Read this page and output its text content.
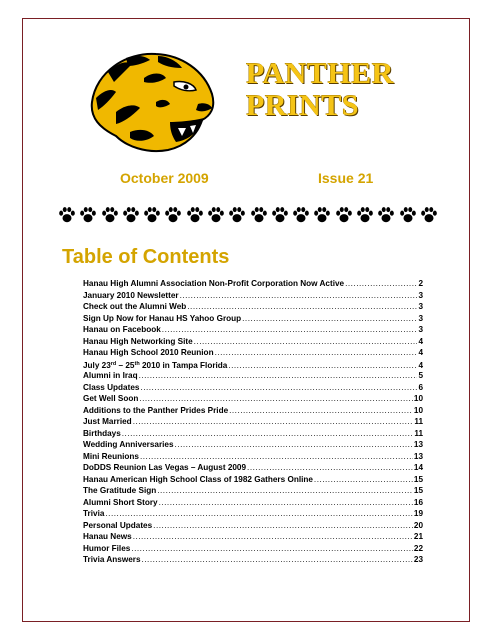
PANTHER
PRINTS
October 2009	Issue 21
Table of Contents
Hanau High Alumni Association Non-Profit Corporation Now Active .....	2
January 2010 Newsletter .....	3
Check out the Alumni Web .....	3
Sign Up Now for Hanau HS Yahoo Group .....	3
Hanau on Facebook .....	3
Hanau High Networking Site .....	4
Hanau High School 2010 Reunion .....	4
July 23rd – 25th 2010 in Tampa Florida .....	4
Alumni in Iraq .....	5
Class Updates .....	6
Get Well Soon .....	10
Additions to the Panther Prides Pride .....	10
Just Married .....	11
Birthdays .....	11
Wedding Anniversaries .....	13
Mini Reunions .....	13
DoDDS Reunion Las Vegas – August 2009 .....	14
Hanau American High School Class of 1982 Gathers Online .....	15
The Gratitude Sign .....	15
Alumni Short Story .....	16
Trivia .....	19
Personal Updates .....	20
Hanau News .....	21
Humor Files .....	22
Trivia Answers .....	23
